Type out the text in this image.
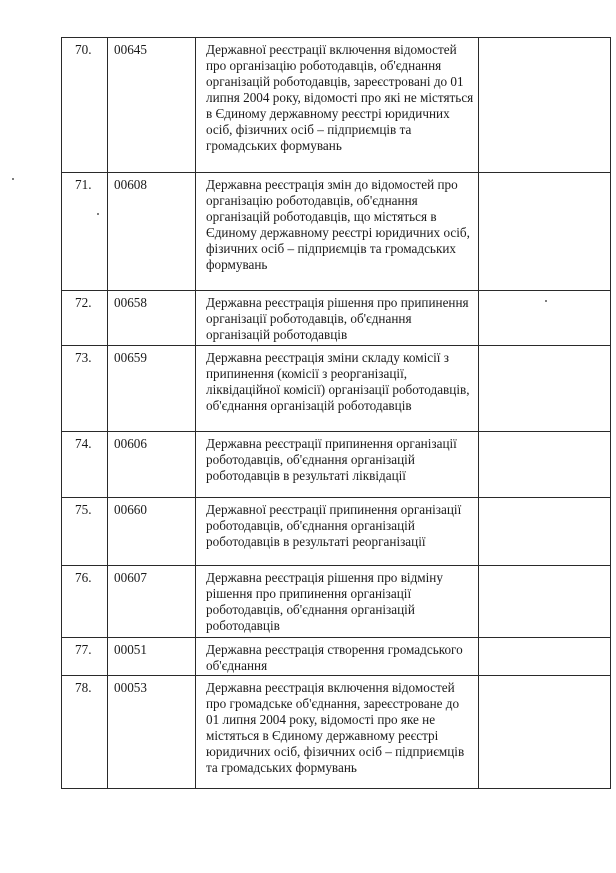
70.	00645	Державної реєстрації включення відомостей про організацію роботодавців, об'єднання організацій роботодавців, зареєстровані до 01 липня 2004 року, відомості про які не містяться в Єдиному державному реєстрі юридичних осіб, фізичних осіб – підприємців та громадських формувань	
71.	00608	Державна реєстрація змін до відомостей про організацію роботодавців, об'єднання організацій роботодавців, що містяться в Єдиному державному реєстрі юридичних осіб, фізичних осіб – підприємців та громадських формувань	
72.	00658	Державна реєстрація рішення про припинення організації роботодавців, об'єднання організацій роботодавців	
73.	00659	Державна реєстрація зміни складу комісії з припинення (комісії з реорганізації, ліквідаційної комісії) організації роботодавців, об'єднання організацій роботодавців	
74.	00606	Державна реєстрації припинення організації роботодавців, об'єднання організацій роботодавців в результаті ліквідації	
75.	00660	Державної реєстрації припинення організації роботодавців, об'єднання організацій роботодавців в результаті реорганізації	
76.	00607	Державна реєстрація рішення про відміну рішення про припинення організації роботодавців, об'єднання організацій роботодавців	
77.	00051	Державна реєстрація створення громадського об'єднання	
78.	00053	Державна реєстрація включення відомостей про громадське об'єднання, зареєстроване до 01 липня 2004 року, відомості про яке не містяться в Єдиному державному реєстрі юридичних осіб, фізичних осіб – підприємців та громадських формувань	
